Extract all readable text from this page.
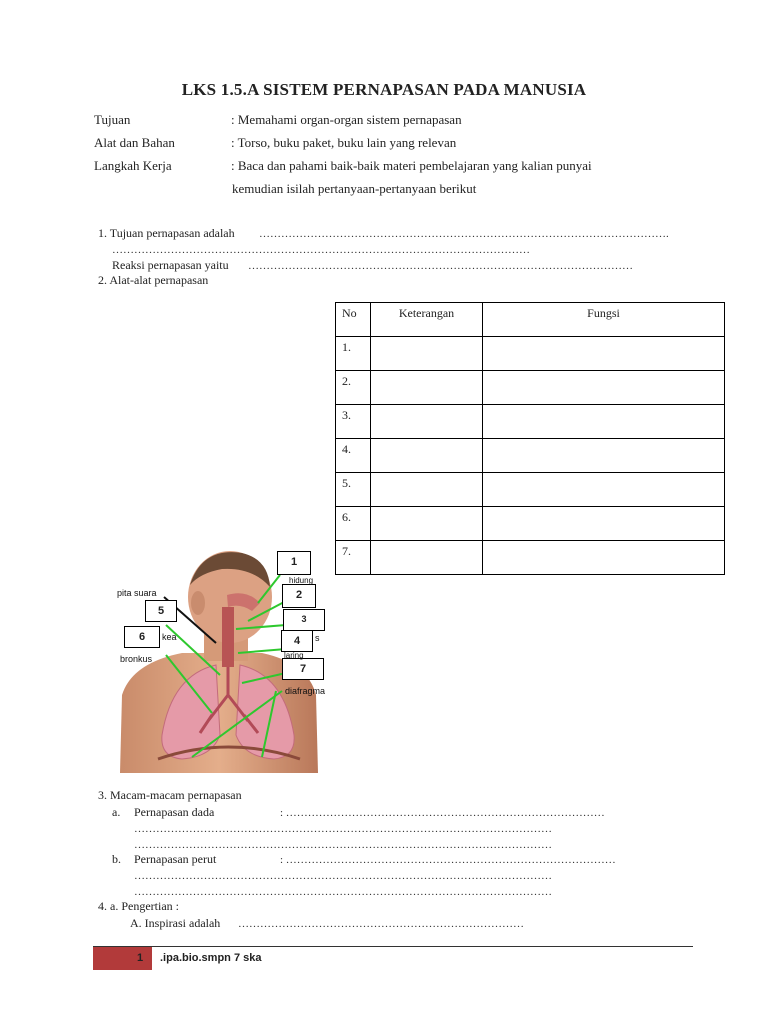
LKS 1.5.A SISTEM PERNAPASAN PADA MANUSIA
Tujuan	: Memahami organ-organ sistem pernapasan
Alat dan Bahan	: Torso, buku paket, buku lain yang relevan
Langkah Kerja	: Baca dan pahami baik-baik materi pembelajaran yang kalian punyai
kemudian isilah pertanyaan-pertanyaan berikut
1. Tujuan pernapasan adalah ………………………………………………………………………………………………….
……………………………………………………………………………………………………
Reaksi pernapasan yaitu ……………………………………………………………………………………………
2. Alat-alat pernapasan
No	Keterangan	Fungsi
1.		
2.		
3.		
4.		
5.		
6.		
7.		
1
2
3
4
5
6
7
pita suara
bronkus
kea
hidung
s
laring
diafragma
3. Macam-macam pernapasan
a. Pernapasan dada	: ……………………………………………………………………………
……………………………………………………………………………………………………
……………………………………………………………………………………………………
b. Pernapasan perut	: ………………………………………………………………………………
……………………………………………………………………………………………………
……………………………………………………………………………………………………
4. a. Pengertian :
A. Inspirasi adalah ……………………………………………………………………
1 .ipa.bio.smpn 7 ska
